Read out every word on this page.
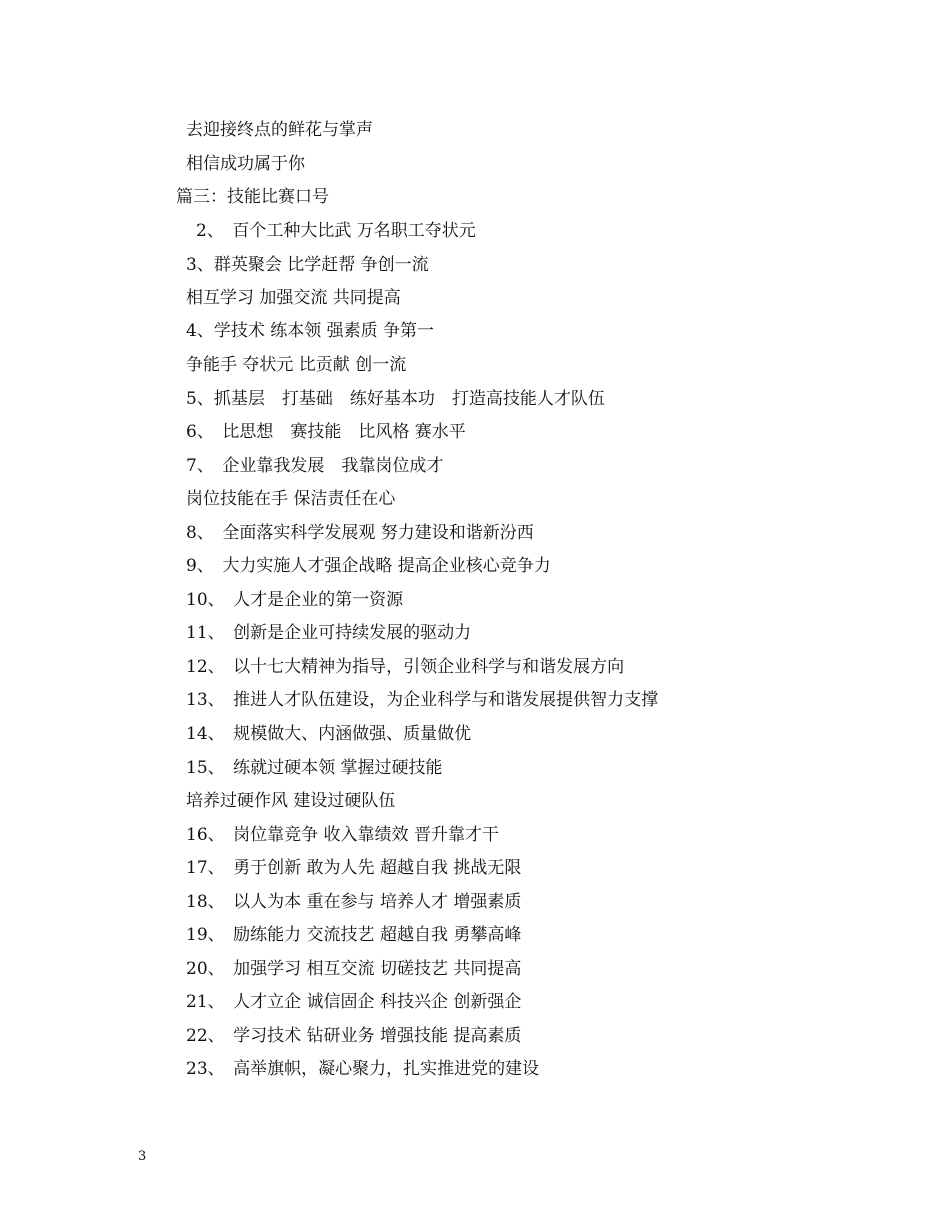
去迎接终点的鲜花与掌声
相信成功属于你
篇三：技能比赛口号
2、　百个工种大比武 万名职工夺状元
3、群英聚会 比学赶帮 争创一流
相互学习 加强交流 共同提高
4、学技术 练本领 强素质 争第一
争能手 夺状元 比贡献 创一流
5、抓基层　打基础　练好基本功　打造高技能人才队伍
6、　比思想　赛技能　比风格 赛水平
7、　企业靠我发展　我靠岗位成才
岗位技能在手 保洁责任在心
8、　全面落实科学发展观 努力建设和谐新汾西
9、　大力实施人才强企战略 提高企业核心竞争力
10、　人才是企业的第一资源
11、　创新是企业可持续发展的驱动力
12、　以十七大精神为指导，引领企业科学与和谐发展方向
13、　推进人才队伍建设，为企业科学与和谐发展提供智力支撑
14、　规模做大、内涵做强、质量做优
15、　练就过硬本领 掌握过硬技能
培养过硬作风 建设过硬队伍
16、　岗位靠竞争 收入靠绩效 晋升靠才干
17、　勇于创新 敢为人先 超越自我 挑战无限
18、　以人为本 重在参与 培养人才 增强素质
19、　励练能力 交流技艺 超越自我 勇攀高峰
20、　加强学习 相互交流 切磋技艺 共同提高
21、　人才立企 诚信固企 科技兴企 创新强企
22、　学习技术 钻研业务 增强技能 提高素质
23、　高举旗帜，凝心聚力，扎实推进党的建设
3
